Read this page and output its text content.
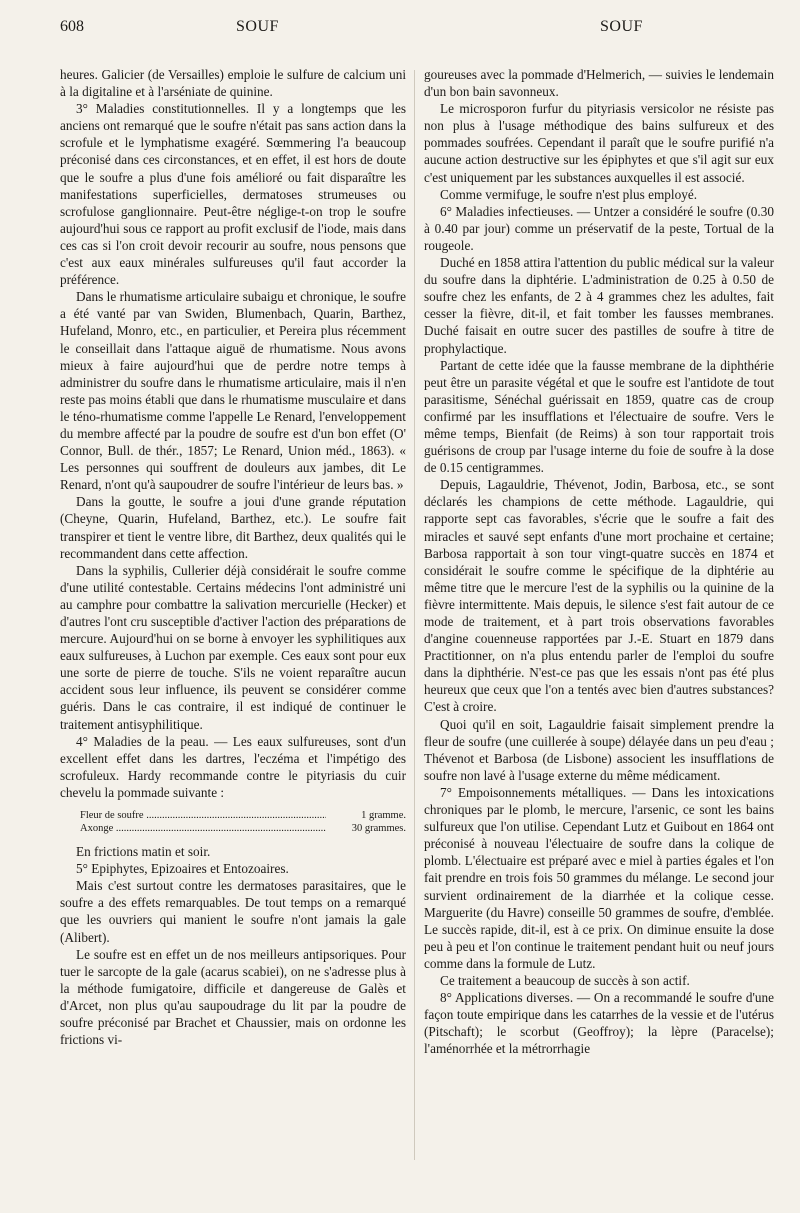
608	SOUF	SOUF

heures. Galicier (de Versailles) emploie le sulfure de calcium uni à la digitaline et à l'arséniate de quinine.

3° Maladies constitutionnelles. Il y a longtemps que les anciens ont remarqué que le soufre n'était pas sans action dans la scrofule et le lymphatisme exagéré. Sœmmering l'a beaucoup préconisé dans ces circonstances, et en effet, il est hors de doute que le soufre a plus d'une fois amélioré ou fait disparaître les manifestations superficielles, dermatoses strumeuses ou scrofulose ganglionnaire. Peut-être néglige-t-on trop le soufre aujourd'hui sous ce rapport au profit exclusif de l'iode, mais dans ces cas si l'on croit devoir recourir au soufre, nous pensons que c'est aux eaux minérales sulfureuses qu'il faut accorder la préférence.

Dans le rhumatisme articulaire subaigu et chronique, le soufre a été vanté par van Swiden, Blumenbach, Quarin, Barthez, Hufeland, Monro, etc., en particulier, et Pereira plus récemment le conseillait dans l'attaque aiguë de rhumatisme. Nous avons mieux à faire aujourd'hui que de perdre notre temps à administrer du soufre dans le rhumatisme articulaire, mais il n'en reste pas moins établi que dans le rhumatisme musculaire et dans le téno-rhumatisme comme l'appelle Le Renard, l'enveloppement du membre affecté par la poudre de soufre est d'un bon effet (O' Connor, Bull. de thér., 1857; Le Renard, Union méd., 1863). « Les personnes qui souffrent de douleurs aux jambes, dit Le Renard, n'ont qu'à saupoudrer de soufre l'intérieur de leurs bas. »

Dans la goutte, le soufre a joui d'une grande réputation (Cheyne, Quarin, Hufeland, Barthez, etc.). Le soufre fait transpirer et tient le ventre libre, dit Barthez, deux qualités qui le recommandent dans cette affection.

Dans la syphilis, Cullerier déjà considérait le soufre comme d'une utilité contestable. Certains médecins l'ont administré uni au camphre pour combattre la salivation mercurielle (Hecker) et d'autres l'ont cru susceptible d'activer l'action des préparations de mercure. Aujourd'hui on se borne à envoyer les syphilitiques aux eaux sulfureuses, à Luchon par exemple. Ces eaux sont pour eux une sorte de pierre de touche. S'ils ne voient reparaître aucun accident sous leur influence, ils peuvent se considérer comme guéris. Dans le cas contraire, il est indiqué de continuer le traitement antisyphilitique.

4° Maladies de la peau. — Les eaux sulfureuses, sont d'un excellent effet dans les dartres, l'eczéma et l'impétigo des scrofuleux. Hardy recommande contre le pityriasis du cuir chevelu la pommade suivante :

Fleur de soufre .....	1 gramme.
Axonge .....	30 grammes.

En frictions matin et soir.

5° Epiphytes, Epizoaires et Entozoaires.

Mais c'est surtout contre les dermatoses parasitaires, que le soufre a des effets remarquables. De tout temps on a remarqué que les ouvriers qui manient le soufre n'ont jamais la gale (Alibert).

Le soufre est en effet un de nos meilleurs antipsoriques. Pour tuer le sarcopte de la gale (acarus scabiei), on ne s'adresse plus à la méthode fumigatoire, difficile et dangereuse de Galès et d'Arcet, non plus qu'au saupoudrage du lit par la poudre de soufre préconisé par Brachet et Chaussier, mais on ordonne les frictions vi-

goureuses avec la pommade d'Helmerich, — suivies le lendemain d'un bon bain savonneux.

Le microsporon furfur du pityriasis versicolor ne résiste pas non plus à l'usage méthodique des bains sulfureux et des pommades soufrées. Cependant il paraît que le soufre purifié n'a aucune action destructive sur les épiphytes et que s'il agit sur eux c'est uniquement par les substances auxquelles il est associé.

Comme vermifuge, le soufre n'est plus employé.

6° Maladies infectieuses. — Untzer a considéré le soufre (0.30 à 0.40 par jour) comme un préservatif de la peste, Tortual de la rougeole.

Duché en 1858 attira l'attention du public médical sur la valeur du soufre dans la diphtérie. L'administration de 0.25 à 0.50 de soufre chez les enfants, de 2 à 4 grammes chez les adultes, fait cesser la fièvre, dit-il, et fait tomber les fausses membranes. Duché faisait en outre sucer des pastilles de soufre à titre de prophylactique.

Partant de cette idée que la fausse membrane de la diphthérie peut être un parasite végétal et que le soufre est l'antidote de tout parasitisme, Sénéchal guérissait en 1859, quatre cas de croup confirmé par les insufflations et l'électuaire de soufre. Vers le même temps, Bienfait (de Reims) à son tour rapportait trois guérisons de croup par l'usage interne du foie de soufre à la dose de 0.15 centigrammes.

Depuis, Lagauldrie, Thévenot, Jodin, Barbosa, etc., se sont déclarés les champions de cette méthode. Lagauldrie, qui rapporte sept cas favorables, s'écrie que le soufre a fait des miracles et sauvé sept enfants d'une mort prochaine et certaine; Barbosa rapportait à son tour vingt-quatre succès en 1874 et considérait le soufre comme le spécifique de la diphtérie au même titre que le mercure l'est de la syphilis ou la quinine de la fièvre intermittente. Mais depuis, le silence s'est fait autour de ce mode de traitement, et à part trois observations favorables d'angine couenneuse rapportées par J.-E. Stuart en 1879 dans Practitionner, on n'a plus entendu parler de l'emploi du soufre dans la diphthérie. N'est-ce pas que les essais n'ont pas été plus heureux que ceux que l'on a tentés avec bien d'autres substances? C'est à croire.

Quoi qu'il en soit, Lagauldrie faisait simplement prendre la fleur de soufre (une cuillerée à soupe) délayée dans un peu d'eau ; Thévenot et Barbosa (de Lisbone) associent les insufflations de soufre non lavé à l'usage externe du même médicament.

7° Empoisonnements métalliques. — Dans les intoxications chroniques par le plomb, le mercure, l'arsenic, ce sont les bains sulfureux que l'on utilise. Cependant Lutz et Guibout en 1864 ont préconisé à nouveau l'électuaire de soufre dans la colique de plomb. L'électuaire est préparé avec e miel à parties égales et l'on fait prendre en trois fois 50 grammes du mélange. Le second jour survient ordinairement de la diarrhée et la colique cesse. Marguerite (du Havre) conseille 50 grammes de soufre, d'emblée. Le succès rapide, dit-il, est à ce prix. On diminue ensuite la dose peu à peu et l'on continue le traitement pendant huit ou neuf jours comme dans la formule de Lutz.

Ce traitement a beaucoup de succès à son actif.

8° Applications diverses. — On a recommandé le soufre d'une façon toute empirique dans les catarrhes de la vessie et de l'utérus (Pitschaft); le scorbut (Geoffroy); la lèpre (Paracelse); l'aménorrhée et la métrorrhagie
